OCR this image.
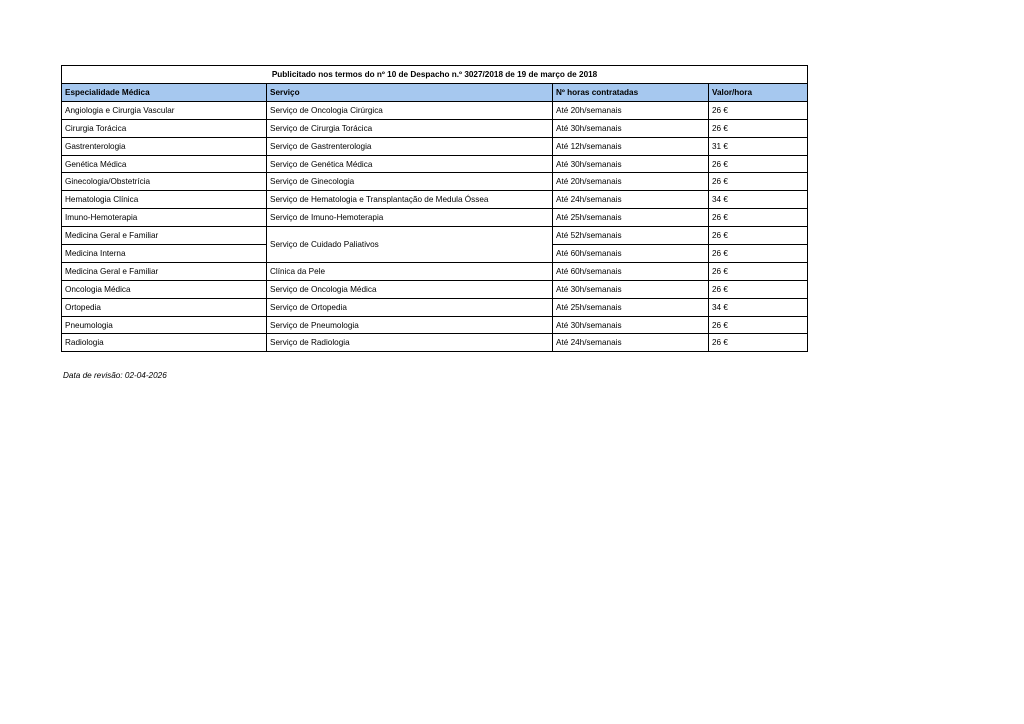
Publicitado nos termos do nº 10 de Despacho n.º 3027/2018 de 19 de março de 2018			
Especialidade Médica	Serviço	Nº horas contratadas	Valor/hora
Angiologia e Cirurgia Vascular	Serviço de Oncologia Cirúrgica	Até 20h/semanais	26 €
Cirurgia Torácica	Serviço de Cirurgia Torácica	Até 30h/semanais	26 €
Gastrenterologia	Serviço de Gastrenterologia	Até 12h/semanais	31 €
Genética Médica	Serviço de Genética Médica	Até 30h/semanais	26 €
Ginecologia/Obstetrícia	Serviço de Ginecologia	Até 20h/semanais	26 €
Hematologia Clínica	Serviço de Hematologia e Transplantação de Medula Óssea	Até 24h/semanais	34 €
Imuno-Hemoterapia	Serviço de Imuno-Hemoterapia	Até 25h/semanais	26 €
Medicina Geral e Familiar	Serviço de Cuidado Paliativos	Até 52h/semanais	26 €
Medicina Interna		Até 60h/semanais	26 €
Medicina Geral e Familiar	Clínica da Pele	Até 60h/semanais	26 €
Oncologia Médica	Serviço de Oncologia Médica	Até 30h/semanais	26 €
Ortopedia	Serviço de Ortopedia	Até 25h/semanais	34 €
Pneumologia	Serviço de Pneumologia	Até 30h/semanais	26 €
Radiologia	Serviço de Radiologia	Até 24h/semanais	26 €
Data de revisão: 02-04-2026
